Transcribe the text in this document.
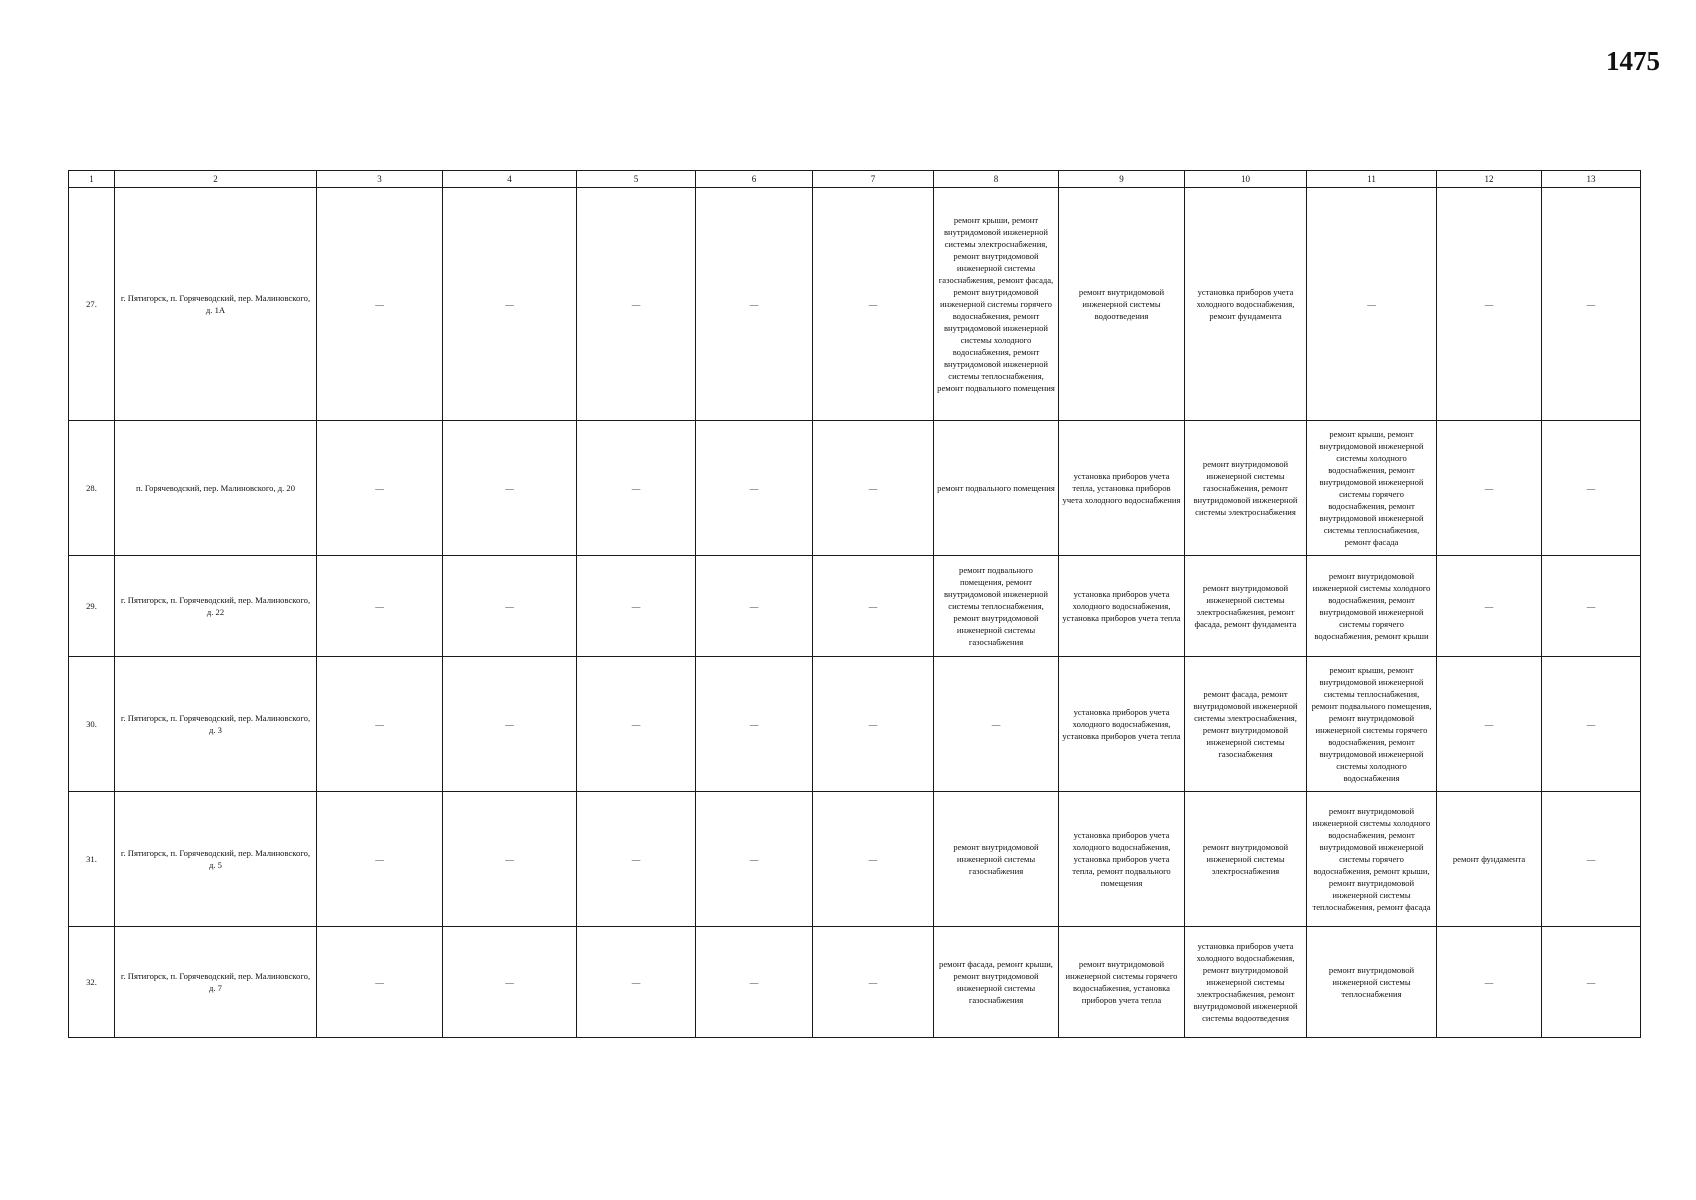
1475
1	2	3	4	5	6	7	8	9	10	11	12	13
27.	г. Пятигорск, п. Горячеводский, пер. Малиновского, д. 1А	—	—	—	—	—	ремонт крыши, ремонт внутридомовой инженерной системы электроснабжения, ремонт внутридомовой инженерной системы газоснабжения, ремонт фасада, ремонт внутридомовой инженерной системы горячего водоснабжения, ремонт внутридомовой инженерной системы холодного водоснабжения, ремонт внутридомовой инженерной системы теплоснабжения, ремонт подвального помещения	ремонт внутридомовой инженерной системы водоотведения	установка приборов учета холодного водоснабжения, ремонт фундамента	—	—	—
28.	п. Горячеводский, пер. Малиновского, д. 20	—	—	—	—	—	ремонт подвального помещения	установка приборов учета тепла, установка приборов учета холодного водоснабжения	ремонт внутридомовой инженерной системы газоснабжения, ремонт внутридомовой инженерной системы электроснабжения	ремонт крыши, ремонт внутридомовой инженерной системы холодного водоснабжения, ремонт внутридомовой инженерной системы горячего водоснабжения, ремонт внутридомовой инженерной системы теплоснабжения, ремонт фасада	—	—
29.	г. Пятигорск, п. Горячеводский, пер. Малиновского, д. 22	—	—	—	—	—	ремонт подвального помещения, ремонт внутридомовой инженерной системы теплоснабжения, ремонт внутридомовой инженерной системы газоснабжения	установка приборов учета холодного водоснабжения, установка приборов учета тепла	ремонт внутридомовой инженерной системы электроснабжения, ремонт фасада, ремонт фундамента	ремонт внутридомовой инженерной системы холодного водоснабжения, ремонт внутридомовой инженерной системы горячего водоснабжения, ремонт крыши	—	—
30.	г. Пятигорск, п. Горячеводский, пер. Малиновского, д. 3	—	—	—	—	—	—	установка приборов учета холодного водоснабжения, установка приборов учета тепла	ремонт фасада, ремонт внутридомовой инженерной системы электроснабжения, ремонт внутридомовой инженерной системы газоснабжения	ремонт крыши, ремонт внутридомовой инженерной системы теплоснабжения, ремонт подвального помещения, ремонт внутридомовой инженерной системы горячего водоснабжения, ремонт внутридомовой инженерной системы холодного водоснабжения	—	—
31.	г. Пятигорск, п. Горячеводский, пер. Малиновского, д. 5	—	—	—	—	—	ремонт внутридомовой инженерной системы газоснабжения	установка приборов учета холодного водоснабжения, установка приборов учета тепла, ремонт подвального помещения	ремонт внутридомовой инженерной системы электроснабжения	ремонт внутридомовой инженерной системы холодного водоснабжения, ремонт внутридомовой инженерной системы горячего водоснабжения, ремонт крыши, ремонт внутридомовой инженерной системы теплоснабжения, ремонт фасада	ремонт фундамента	—
32.	г. Пятигорск, п. Горячеводский, пер. Малиновского, д. 7	—	—	—	—	—	ремонт фасада, ремонт крыши, ремонт внутридомовой инженерной системы газоснабжения	ремонт внутридомовой инженерной системы горячего водоснабжения, установка приборов учета тепла	установка приборов учета холодного водоснабжения, ремонт внутридомовой инженерной системы электроснабжения, ремонт внутридомовой инженерной системы водоотведения	ремонт внутридомовой инженерной системы теплоснабжения	—	—
